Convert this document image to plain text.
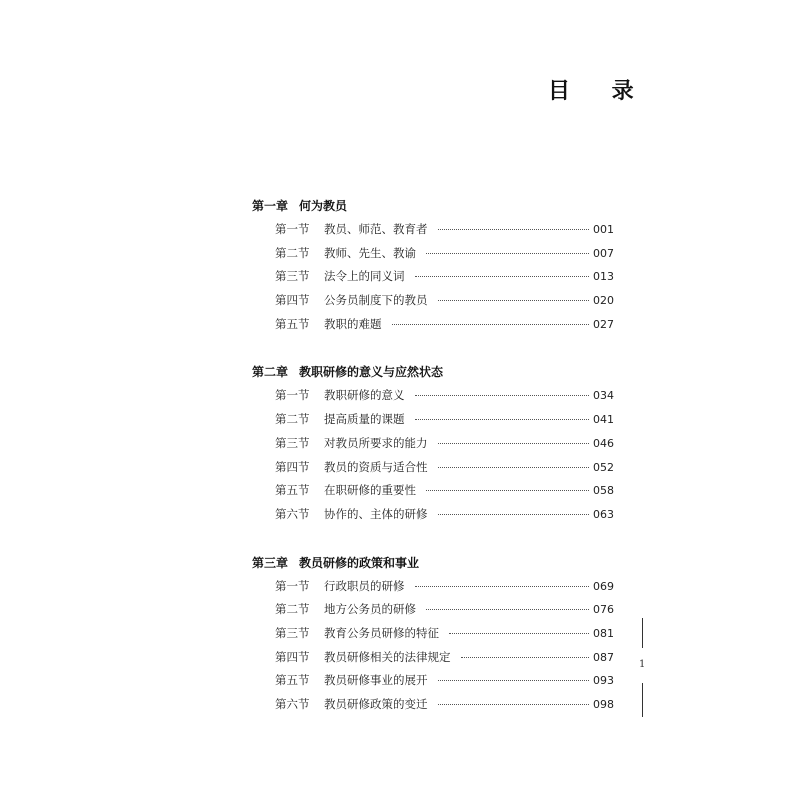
目 录
第一章 何为教员
第一节	教员、师范、教育者	001
第二节	教师、先生、教谕	007
第三节	法令上的同义词	013
第四节	公务员制度下的教员	020
第五节	教职的难题	027
第二章 教职研修的意义与应然状态
第一节	教职研修的意义	034
第二节	提高质量的课题	041
第三节	对教员所要求的能力	046
第四节	教员的资质与适合性	052
第五节	在职研修的重要性	058
第六节	协作的、主体的研修	063
第三章 教员研修的政策和事业
第一节	行政职员的研修	069
第二节	地方公务员的研修	076
第三节	教育公务员研修的特征	081
第四节	教员研修相关的法律规定	087
第五节	教员研修事业的展开	093
第六节	教员研修政策的变迁	098
1
